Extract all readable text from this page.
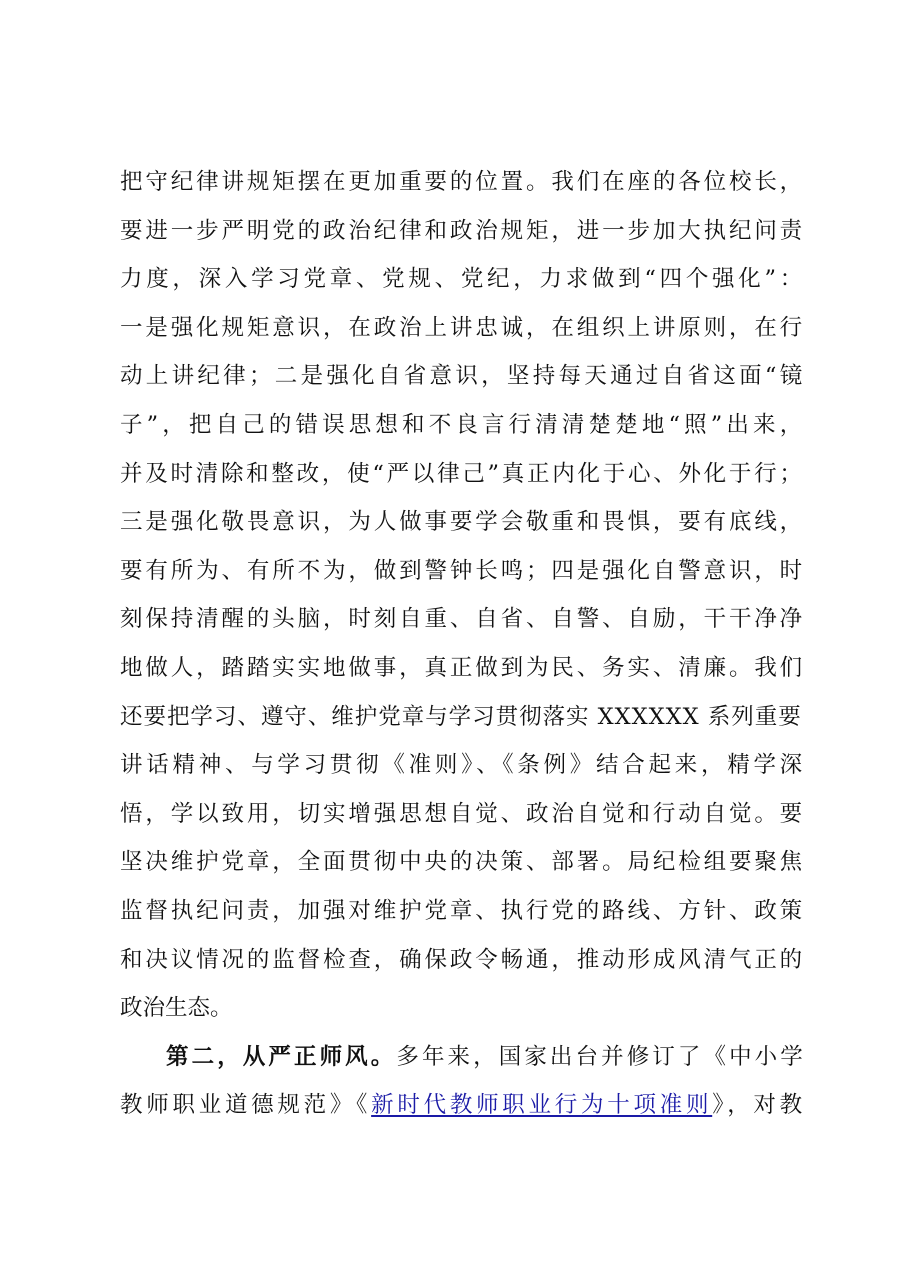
把守纪律讲规矩摆在更加重要的位置。我们在座的各位校长，
要进一步严明党的政治纪律和政治规矩，进一步加大执纪问责
力度，深入学习党章、党规、党纪，力求做到“四个强化”：
一是强化规矩意识，在政治上讲忠诚，在组织上讲原则，在行
动上讲纪律；二是强化自省意识，坚持每天通过自省这面“镜
子”，把自己的错误思想和不良言行清清楚楚地“照”出来，
并及时清除和整改，使“严以律己”真正内化于心、外化于行；
三是强化敬畏意识，为人做事要学会敬重和畏惧，要有底线，
要有所为、有所不为，做到警钟长鸣；四是强化自警意识，时
刻保持清醒的头脑，时刻自重、自省、自警、自励，干干净净
地做人，踏踏实实地做事，真正做到为民、务实、清廉。我们
还要把学习、遵守、维护党章与学习贯彻落实 XXXXXX 系列重要
讲话精神、与学习贯彻《准则》、《条例》结合起来，精学深
悟，学以致用，切实增强思想自觉、政治自觉和行动自觉。要
坚决维护党章，全面贯彻中央的决策、部署。局纪检组要聚焦
监督执纪问责，加强对维护党章、执行党的路线、方针、政策
和决议情况的监督检查，确保政令畅通，推动形成风清气正的
政治生态。
第二，从严正师风。多年来，国家出台并修订了《中小学
教师职业道德规范》《新时代教师职业行为十项准则》，对教
